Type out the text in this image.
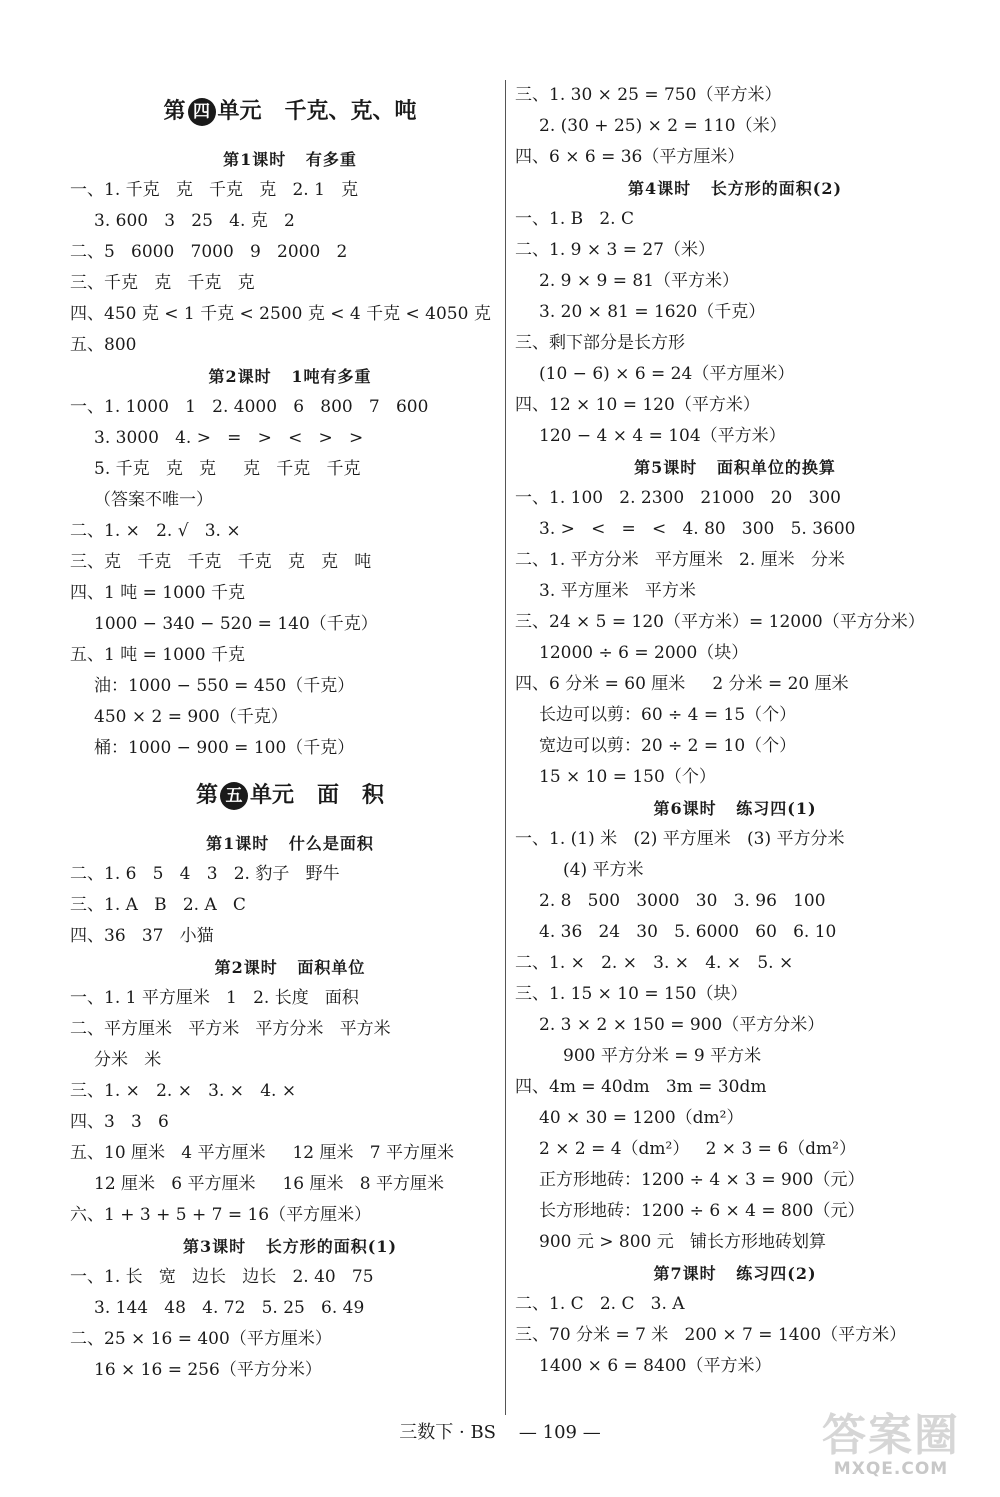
第 四 单元   千克、克、吨
第1课时   有多重
一、1. 千克   克   千克   克   2. 1   克
3. 600   3   25   4. 克   2
二、5   6000   7000   9   2000   2
三、千克   克   千克   克
四、450 克 < 1 千克 < 2500 克 < 4 千克 < 4050 克
五、800
第2课时   1吨有多重
一、1. 1000   1   2. 4000   6   800   7   600
3. 3000   4. >   =   >   <   >   >
5. 千克   克   克     克   千克   千克
（答案不唯一）
二、1. ×   2. √   3. ×
三、克   千克   千克   千克   克   克   吨
四、1 吨 = 1000 千克
1000 − 340 − 520 = 140（千克）
五、1 吨 = 1000 千克
油：1000 − 550 = 450（千克）
450 × 2 = 900（千克）
桶：1000 − 900 = 100（千克）
第 五 单元   面   积
第1课时   什么是面积
二、1. 6   5   4   3   2. 豹子   野牛
三、1. A   B   2. A   C
四、36   37   小猫
第2课时   面积单位
一、1. 1 平方厘米   1   2. 长度   面积
二、平方厘米   平方米   平方分米   平方米
分米   米
三、1. ×   2. ×   3. ×   4. ×
四、3   3   6
五、10 厘米   4 平方厘米     12 厘米   7 平方厘米
12 厘米   6 平方厘米     16 厘米   8 平方厘米
六、1 + 3 + 5 + 7 = 16（平方厘米）
第3课时   长方形的面积(1)
一、1. 长   宽   边长   边长   2. 40   75
3. 144   48   4. 72   5. 25   6. 49
二、25 × 16 = 400（平方厘米）
16 × 16 = 256（平方分米）
三、1. 30 × 25 = 750（平方米）
2. (30 + 25) × 2 = 110（米）
四、6 × 6 = 36（平方厘米）
第4课时   长方形的面积(2)
一、1. B   2. C
二、1. 9 × 3 = 27（米）
2. 9 × 9 = 81（平方米）
3. 20 × 81 = 1620（千克）
三、剩下部分是长方形
(10 − 6) × 6 = 24（平方厘米）
四、12 × 10 = 120（平方米）
120 − 4 × 4 = 104（平方米）
第5课时   面积单位的换算
一、1. 100   2. 2300   21000   20   300
3. >   <   =   <   4. 80   300   5. 3600
二、1. 平方分米   平方厘米   2. 厘米   分米
3. 平方厘米   平方米
三、24 × 5 = 120（平方米）= 12000（平方分米）
12000 ÷ 6 = 2000（块）
四、6 分米 = 60 厘米     2 分米 = 20 厘米
长边可以剪：60 ÷ 4 = 15（个）
宽边可以剪：20 ÷ 2 = 10（个）
15 × 10 = 150（个）
第6课时   练习四(1)
一、1. (1) 米   (2) 平方厘米   (3) 平方分米
(4) 平方米
2. 8   500   3000   30   3. 96   100
4. 36   24   30   5. 6000   60   6. 10
二、1. ×   2. ×   3. ×   4. ×   5. ×
三、1. 15 × 10 = 150（块）
2. 3 × 2 × 150 = 900（平方分米）
900 平方分米 = 9 平方米
四、4m = 40dm   3m = 30dm
40 × 30 = 1200（dm²）
2 × 2 = 4（dm²）   2 × 3 = 6（dm²）
正方形地砖：1200 ÷ 4 × 3 = 900（元）
长方形地砖：1200 ÷ 6 × 4 = 800（元）
900 元 > 800 元   铺长方形地砖划算
第7课时   练习四(2)
二、1. C   2. C   3. A
三、70 分米 = 7 米   200 × 7 = 1400（平方米）
1400 × 6 = 8400（平方米）
三数下 · BS    — 109 —	答案圈
MXQE.COM
